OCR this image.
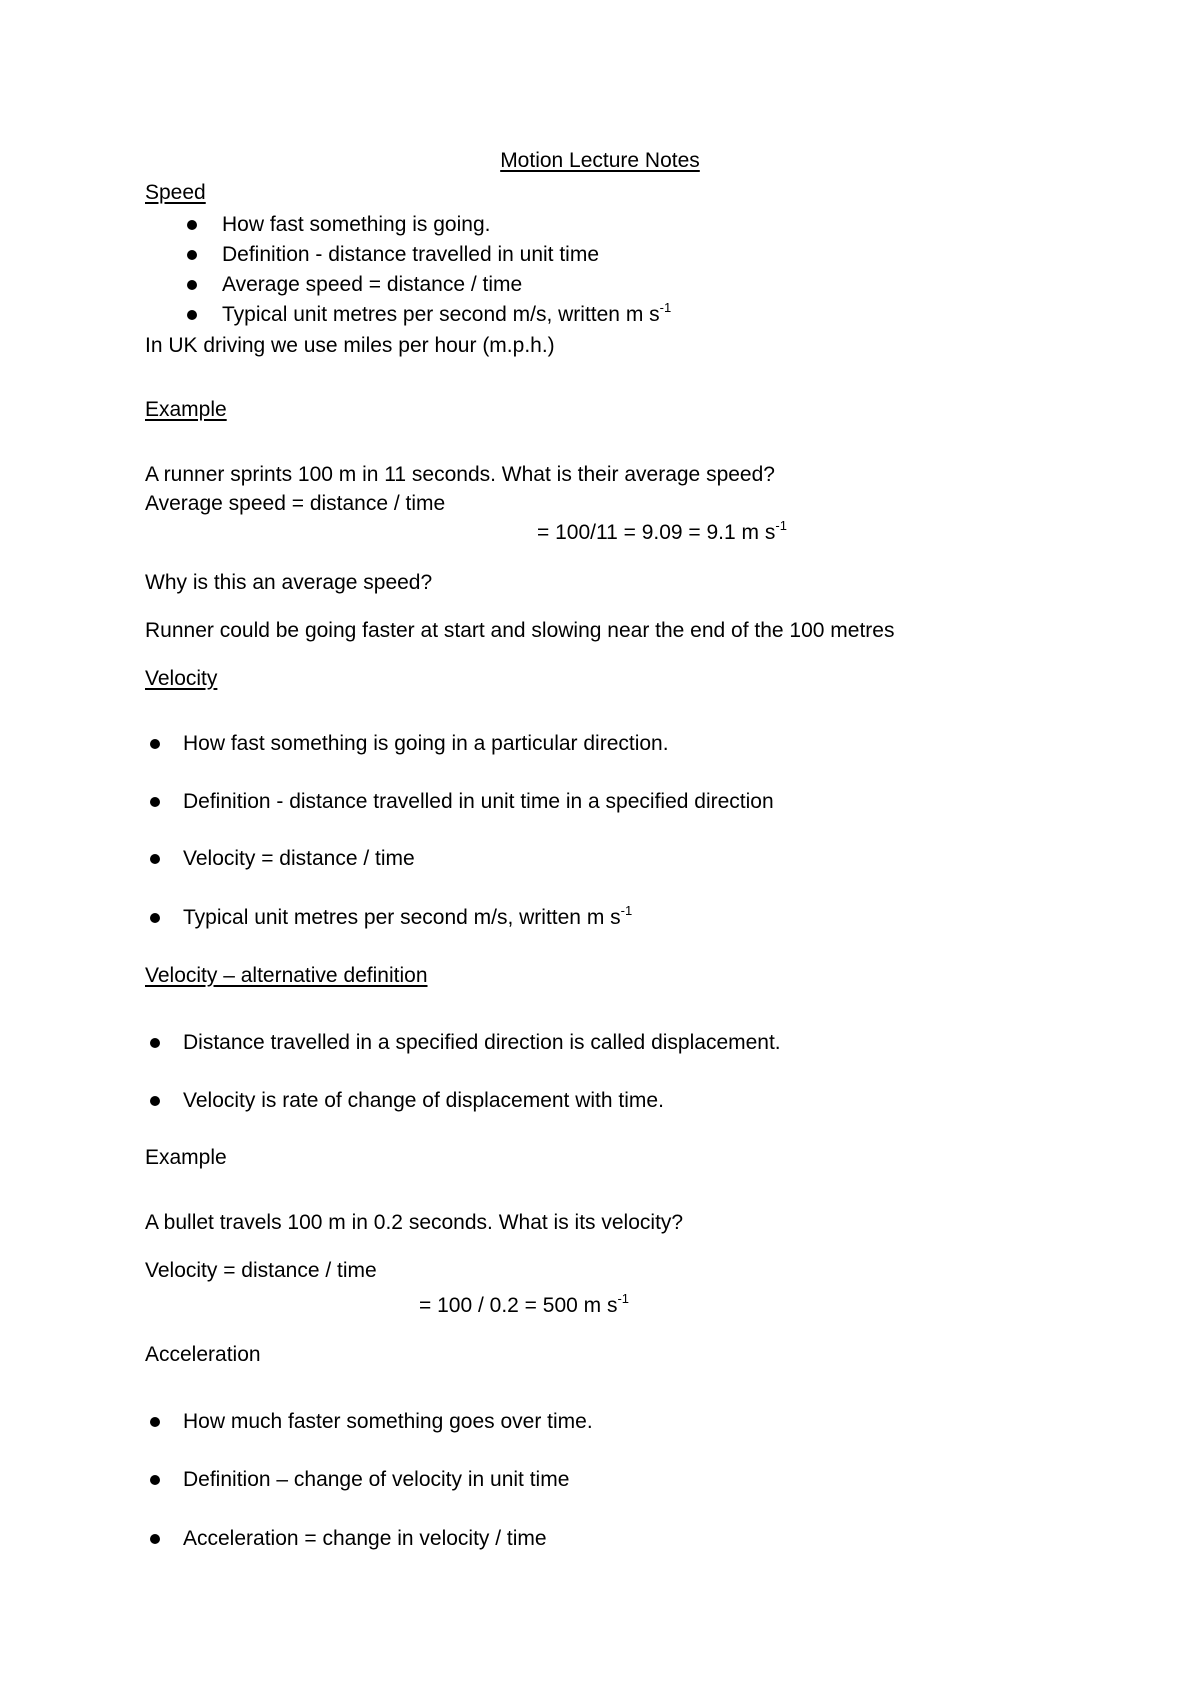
Motion Lecture Notes
Speed
How fast something is going.
Definition - distance travelled in unit time
Average speed = distance / time
Typical unit metres per second m/s, written m $s^{-1}$
In UK driving we use miles per hour (m.p.h.)
Example
A runner sprints 100 m in 11 seconds. What is their average speed?
Average speed = distance / time
= 100/11 = 9.09 = 9.1 m $s^{-1}$
Why is this an average speed?
Runner could be going faster at start and slowing near the end of the 100 metres
Velocity
How fast something is going in a particular direction.
Definition - distance travelled in unit time in a specified direction
Velocity = distance / time
Typical unit metres per second m/s, written m $s^{-1}$
Velocity – alternative definition
Distance travelled in a specified direction is called displacement.
Velocity is rate of change of displacement with time.
Example
A bullet travels 100 m in 0.2 seconds. What is its velocity?
Velocity = distance / time
= 100 / 0.2 = 500 m $s^{-1}$
Acceleration
How much faster something goes over time.
Definition – change of velocity in unit time
Acceleration = change in velocity / time
